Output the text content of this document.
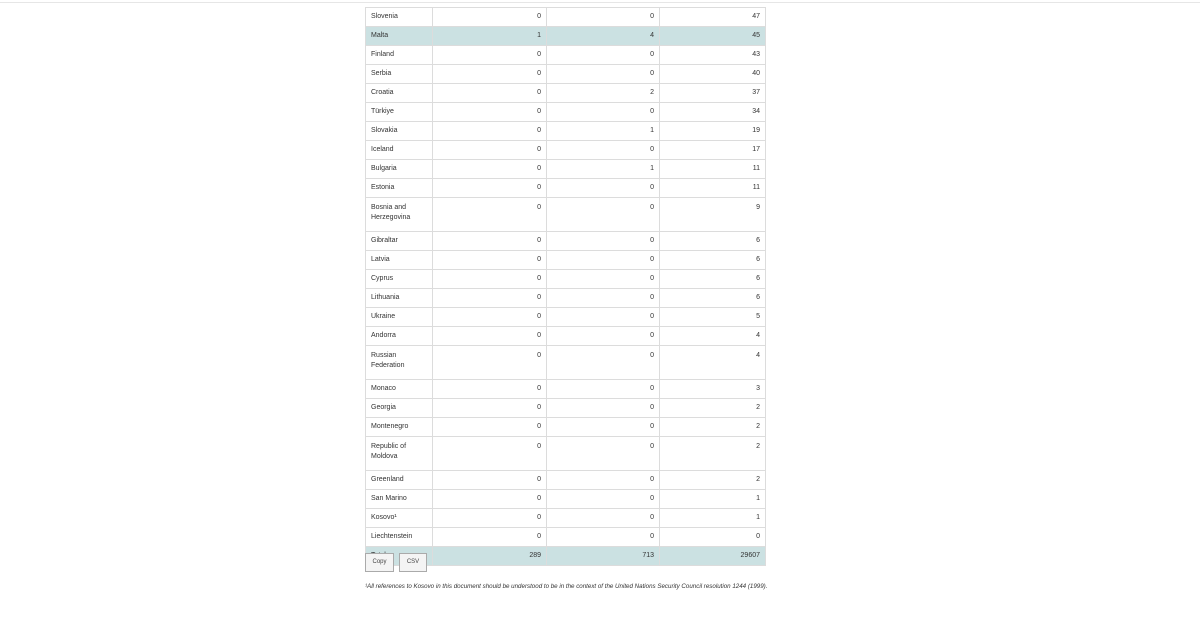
Slovenia	0	0	47
Malta	1	4	45
Finland	0	0	43
Serbia	0	0	40
Croatia	0	2	37
Türkiye	0	0	34
Slovakia	0	1	19
Iceland	0	0	17
Bulgaria	0	1	11
Estonia	0	0	11
Bosnia and Herzegovina	0	0	9
Gibraltar	0	0	6
Latvia	0	0	6
Cyprus	0	0	6
Lithuania	0	0	6
Ukraine	0	0	5
Andorra	0	0	4
Russian Federation	0	0	4
Monaco	0	0	3
Georgia	0	0	2
Montenegro	0	0	2
Republic of Moldova	0	0	2
Greenland	0	0	2
San Marino	0	0	1
Kosovo¹	0	0	1
Liechtenstein	0	0	0
	289	713	29607
Copy	CSV
¹All references to Kosovo in this document should be understood to be in the context of the United Nations Security Council resolution 1244 (1999).
